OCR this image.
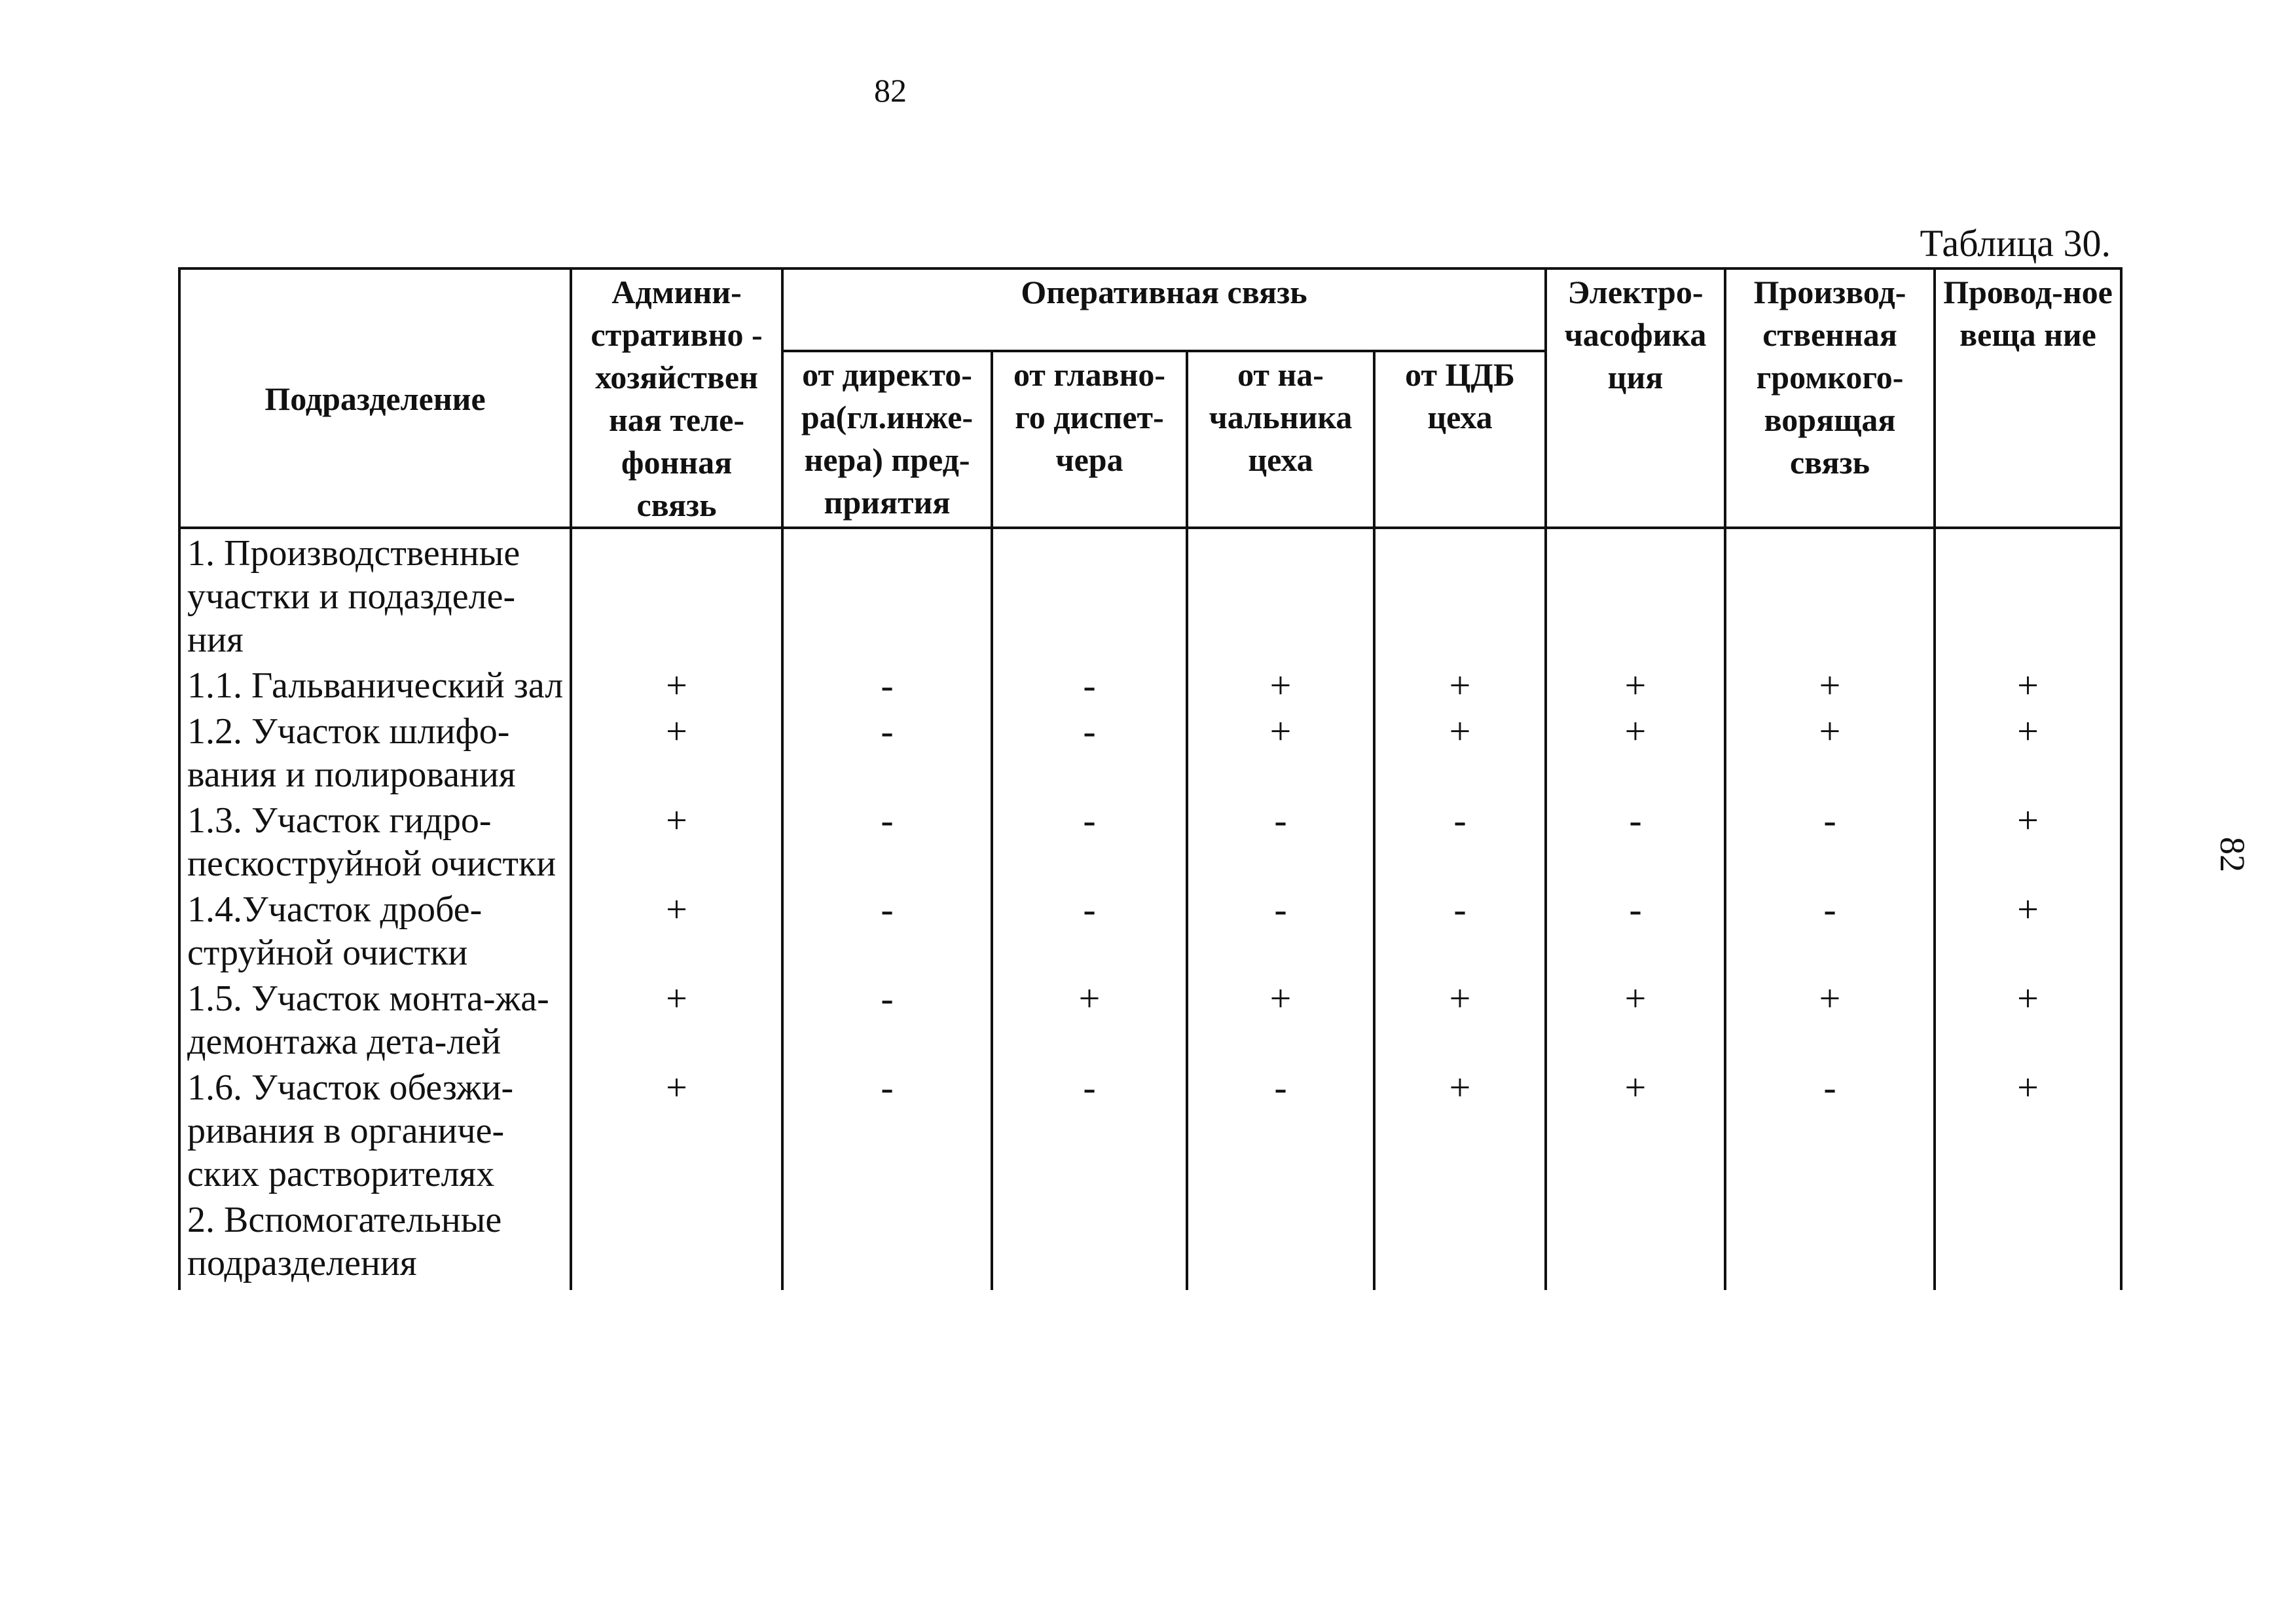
82
82
Таблица 30.
Подразделение	Админи-стративно - хозяйствен ная теле-фонная связь	Оперативная связь				Электро-часофика ция	Производ-ственная громкого-ворящая связь	Провод-ное веща ние
		от директо-ра(гл.инже-нера) пред-приятия	от главно-го диспет-чера	от на-чальника цеха	от ЦДБ цеха			
1. Производственные участки и подазделе-ния								
1.1. Гальванический зал	+	-	-	+	+	+	+	+
1.2. Участок шлифо-вания и полирования	+	-	-	+	+	+	+	+
1.3. Участок гидро-пескоструйной очистки	+	-	-	-	-	-	-	+
1.4.Участок дробе-струйной очистки	+	-	-	-	-	-	-	+
1.5. Участок монта-жа-демонтажа дета-лей	+	-	+	+	+	+	+	+
1.6. Участок обезжи-ривания в органиче-ских растворителях	+	-	-	-	+	+	-	+
2. Вспомогательные подразделения								
